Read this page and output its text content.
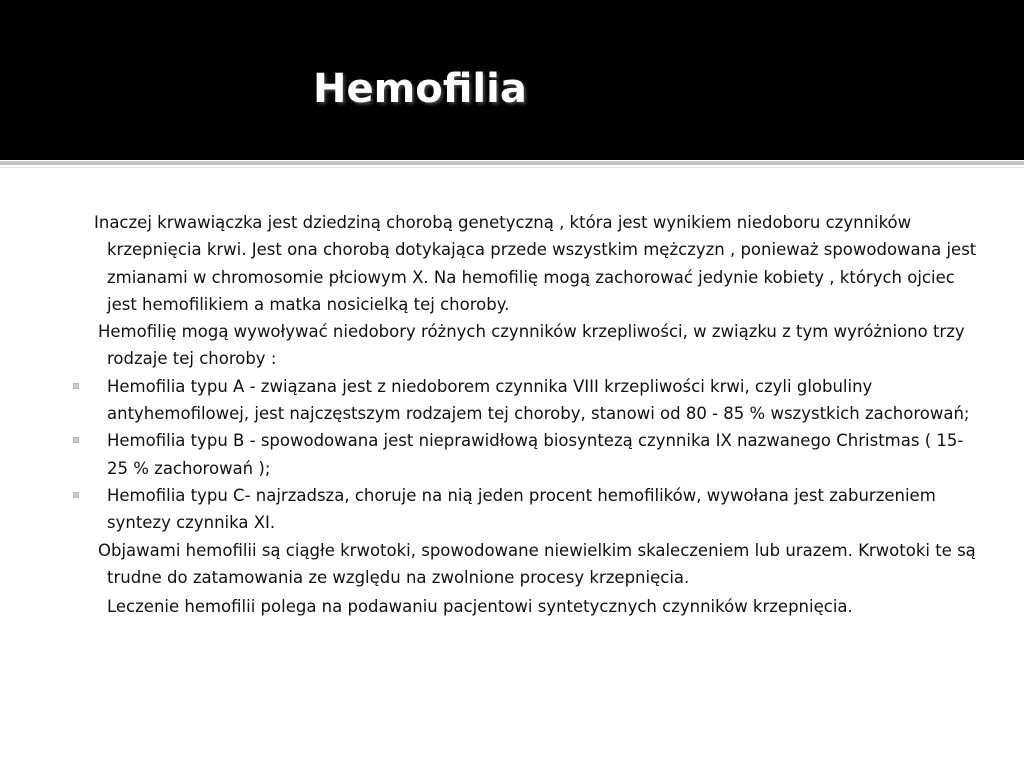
Hemofilia

Inaczej krwawiączka jest dziedziną chorobą genetyczną , która jest wynikiem niedoboru czynników krzepnięcia krwi. Jest ona chorobą dotykająca przede wszystkim mężczyzn , ponieważ spowodowana jest zmianami w chromosomie płciowym X. Na hemofilię mogą zachorować jedynie kobiety , których ojciec jest hemofilikiem a matka nosicielką tej choroby.

Hemofilię mogą wywoływać niedobory różnych czynników krzepliwości, w związku z tym wyróżniono trzy rodzaje tej choroby :

Hemofilia typu A - związana jest z niedoborem czynnika VIII krzepliwości krwi, czyli globuliny antyhemofilowej, jest najczęstszym rodzajem tej choroby, stanowi od 80 - 85 % wszystkich zachorowań;

Hemofilia typu B - spowodowana jest nieprawidłową biosyntezą czynnika IX nazwanego Christmas ( 15- 25 % zachorowań );

Hemofilia typu C- najrzadsza, choruje na nią jeden procent hemofilików, wywołana jest zaburzeniem syntezy czynnika XI.

Objawami hemofilii są ciągłe krwotoki, spowodowane niewielkim skaleczeniem lub urazem. Krwotoki te są trudne do zatamowania ze względu na zwolnione procesy krzepnięcia.

Leczenie hemofilii polega na podawaniu pacjentowi syntetycznych czynników krzepnięcia.
